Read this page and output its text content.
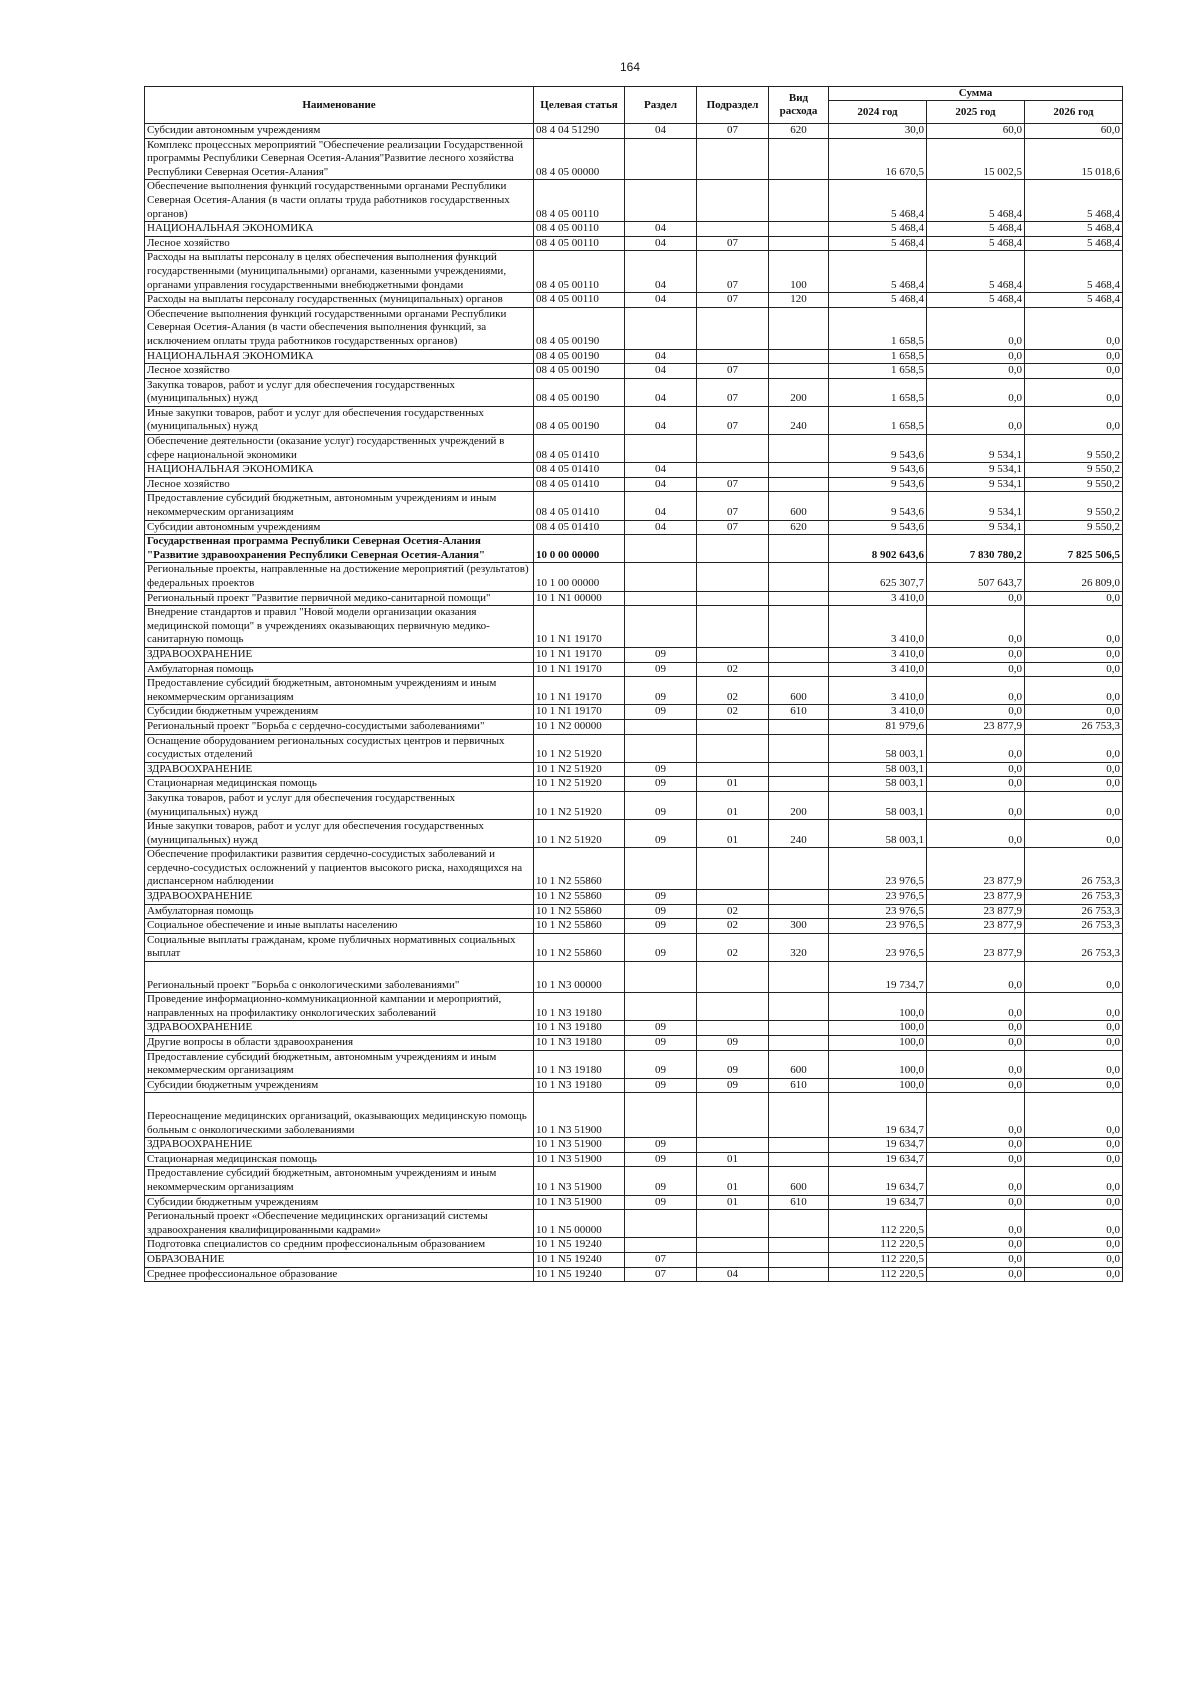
164
Наименование	Целевая статья	Раздел	Подраздел	Вид расхода	Сумма		
					2024 год	2025 год	2026 год
Субсидии автономным учреждениям	08 4 04 51290	04	07	620	30,0	60,0	60,0
Комплекс процессных мероприятий "Обеспечение реализации Государственной программы Республики Северная Осетия-Алания"Развитие лесного хозяйства Республики Северная Осетия-Алания"	08 4 05 00000				16 670,5	15 002,5	15 018,6
Обеспечение выполнения функций государственными органами Республики Северная Осетия-Алания (в части оплаты труда работников государственных органов)	08 4 05 00110				5 468,4	5 468,4	5 468,4
НАЦИОНАЛЬНАЯ ЭКОНОМИКА	08 4 05 00110	04			5 468,4	5 468,4	5 468,4
Лесное хозяйство	08 4 05 00110	04	07		5 468,4	5 468,4	5 468,4
Расходы на выплаты персоналу в целях обеспечения выполнения функций государственными (муниципальными) органами, казенными учреждениями, органами управления государственными внебюджетными фондами	08 4 05 00110	04	07	100	5 468,4	5 468,4	5 468,4
Расходы на выплаты персоналу государственных (муниципальных) органов	08 4 05 00110	04	07	120	5 468,4	5 468,4	5 468,4
Обеспечение выполнения функций государственными органами Республики Северная Осетия-Алания (в части обеспечения выполнения функций, за исключением оплаты труда работников государственных органов)	08 4 05 00190				1 658,5	0,0	0,0
НАЦИОНАЛЬНАЯ ЭКОНОМИКА	08 4 05 00190	04			1 658,5	0,0	0,0
Лесное хозяйство	08 4 05 00190	04	07		1 658,5	0,0	0,0
Закупка товаров, работ и услуг для обеспечения государственных (муниципальных) нужд	08 4 05 00190	04	07	200	1 658,5	0,0	0,0
Иные закупки товаров, работ и услуг для обеспечения государственных (муниципальных) нужд	08 4 05 00190	04	07	240	1 658,5	0,0	0,0
Обеспечение деятельности (оказание услуг) государственных учреждений в сфере национальной экономики	08 4 05 01410				9 543,6	9 534,1	9 550,2
НАЦИОНАЛЬНАЯ ЭКОНОМИКА	08 4 05 01410	04			9 543,6	9 534,1	9 550,2
Лесное хозяйство	08 4 05 01410	04	07		9 543,6	9 534,1	9 550,2
Предоставление субсидий бюджетным, автономным учреждениям и иным некоммерческим организациям	08 4 05 01410	04	07	600	9 543,6	9 534,1	9 550,2
Субсидии автономным учреждениям	08 4 05 01410	04	07	620	9 543,6	9 534,1	9 550,2
Государственная программа Республики Северная Осетия-Алания "Развитие здравоохранения Республики Северная Осетия-Алания"	10 0 00 00000				8 902 643,6	7 830 780,2	7 825 506,5
Региональные проекты, направленные на достижение мероприятий (результатов) федеральных проектов	10 1 00 00000				625 307,7	507 643,7	26 809,0
Региональный проект "Развитие первичной медико-санитарной помощи"	10 1 N1 00000				3 410,0	0,0	0,0
Внедрение стандартов и правил "Новой модели организации оказания медицинской помощи" в учреждениях оказывающих первичную медико-санитарную помощь	10 1 N1 19170				3 410,0	0,0	0,0
ЗДРАВООХРАНЕНИЕ	10 1 N1 19170	09			3 410,0	0,0	0,0
Амбулаторная помощь	10 1 N1 19170	09	02		3 410,0	0,0	0,0
Предоставление субсидий бюджетным, автономным учреждениям и иным некоммерческим организациям	10 1 N1 19170	09	02	600	3 410,0	0,0	0,0
Субсидии бюджетным учреждениям	10 1 N1 19170	09	02	610	3 410,0	0,0	0,0
Региональный проект "Борьба с сердечно-сосудистыми заболеваниями"	10 1 N2 00000				81 979,6	23 877,9	26 753,3
Оснащение оборудованием региональных сосудистых центров и первичных сосудистых отделений	10 1 N2 51920				58 003,1	0,0	0,0
ЗДРАВООХРАНЕНИЕ	10 1 N2 51920	09			58 003,1	0,0	0,0
Стационарная медицинская помощь	10 1 N2 51920	09	01		58 003,1	0,0	0,0
Закупка товаров, работ и услуг для обеспечения государственных (муниципальных) нужд	10 1 N2 51920	09	01	200	58 003,1	0,0	0,0
Иные закупки товаров, работ и услуг для обеспечения государственных (муниципальных) нужд	10 1 N2 51920	09	01	240	58 003,1	0,0	0,0
Обеспечение профилактики развития сердечно-сосудистых заболеваний и сердечно-сосудистых осложнений у пациентов высокого риска, находящихся на диспансерном наблюдении	10 1 N2 55860				23 976,5	23 877,9	26 753,3
ЗДРАВООХРАНЕНИЕ	10 1 N2 55860	09			23 976,5	23 877,9	26 753,3
Амбулаторная помощь	10 1 N2 55860	09	02		23 976,5	23 877,9	26 753,3
Социальное обеспечение и иные выплаты населению	10 1 N2 55860	09	02	300	23 976,5	23 877,9	26 753,3
Социальные выплаты гражданам, кроме публичных нормативных социальных выплат	10 1 N2 55860	09	02	320	23 976,5	23 877,9	26 753,3
Региональный проект "Борьба с онкологическими заболеваниями"	10 1 N3 00000				19 734,7	0,0	0,0
Проведение информационно-коммуникационной кампании и мероприятий, направленных на профилактику онкологических заболеваний	10 1 N3 19180				100,0	0,0	0,0
ЗДРАВООХРАНЕНИЕ	10 1 N3 19180	09			100,0	0,0	0,0
Другие вопросы в области здравоохранения	10 1 N3 19180	09	09		100,0	0,0	0,0
Предоставление субсидий бюджетным, автономным учреждениям и иным некоммерческим организациям	10 1 N3 19180	09	09	600	100,0	0,0	0,0
Субсидии бюджетным учреждениям	10 1 N3 19180	09	09	610	100,0	0,0	0,0
Переоснащение медицинских организаций, оказывающих медицинскую помощь больным с онкологическими заболеваниями	10 1 N3 51900				19 634,7	0,0	0,0
ЗДРАВООХРАНЕНИЕ	10 1 N3 51900	09			19 634,7	0,0	0,0
Стационарная медицинская помощь	10 1 N3 51900	09	01		19 634,7	0,0	0,0
Предоставление субсидий бюджетным, автономным учреждениям и иным некоммерческим организациям	10 1 N3 51900	09	01	600	19 634,7	0,0	0,0
Субсидии бюджетным учреждениям	10 1 N3 51900	09	01	610	19 634,7	0,0	0,0
Региональный проект «Обеспечение медицинских организаций системы здравоохранения квалифицированными кадрами»	10 1 N5 00000				112 220,5	0,0	0,0
Подготовка специалистов со средним профессиональным образованием	10 1 N5 19240				112 220,5	0,0	0,0
ОБРАЗОВАНИЕ	10 1 N5 19240	07			112 220,5	0,0	0,0
Среднее профессиональное образование	10 1 N5 19240	07	04		112 220,5	0,0	0,0
